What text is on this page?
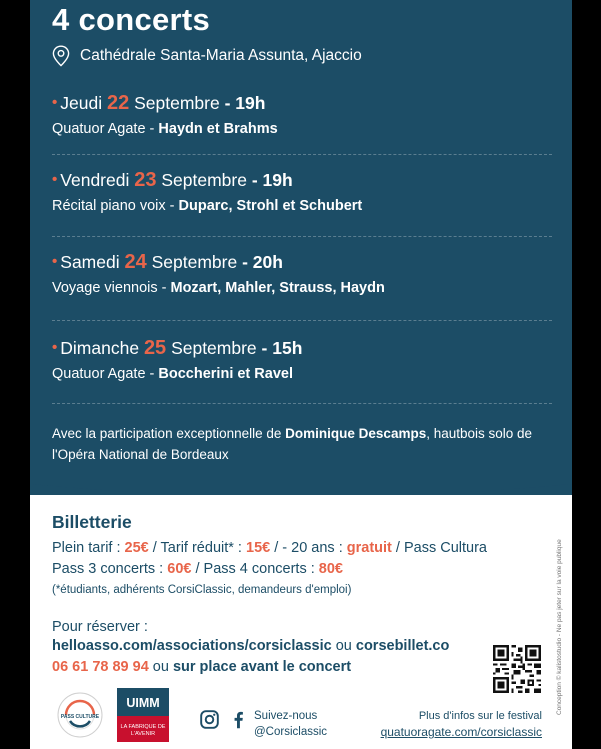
4 concerts
Cathédrale Santa-Maria Assunta, Ajaccio
• Jeudi 22 Septembre - 19h
Quatuor Agate - Haydn et Brahms
• Vendredi 23 Septembre - 19h
Récital piano voix - Duparc, Strohl et Schubert
• Samedi 24 Septembre - 20h
Voyage viennois - Mozart, Mahler, Strauss, Haydn
• Dimanche 25 Septembre - 15h
Quatuor Agate - Boccherini et Ravel
Avec la participation exceptionnelle de Dominique Descamps, hautbois solo de l'Opéra National de Bordeaux
Billetterie
Plein tarif : 25€ / Tarif réduit* : 15€ / - 20 ans : gratuit / Pass Cultura
Pass 3 concerts : 60€ / Pass 4 concerts : 80€
(*étudiants, adhérents CorsiClassic, demandeurs d'emploi)
Pour réserver :
helloasso.com/associations/corsiclassic ou corsebillet.co
06 61 78 89 94 ou sur place avant le concert
PASS CULTURE
UIMM
LA FABRIQUE DE L'AVENIR
Suivez-nous
@Corsiclassic
Plus d'infos sur le festival
quatuoragate.com/corsiclassic
Conception © kalistostudio - Ne pas jeter sur la voie publique
